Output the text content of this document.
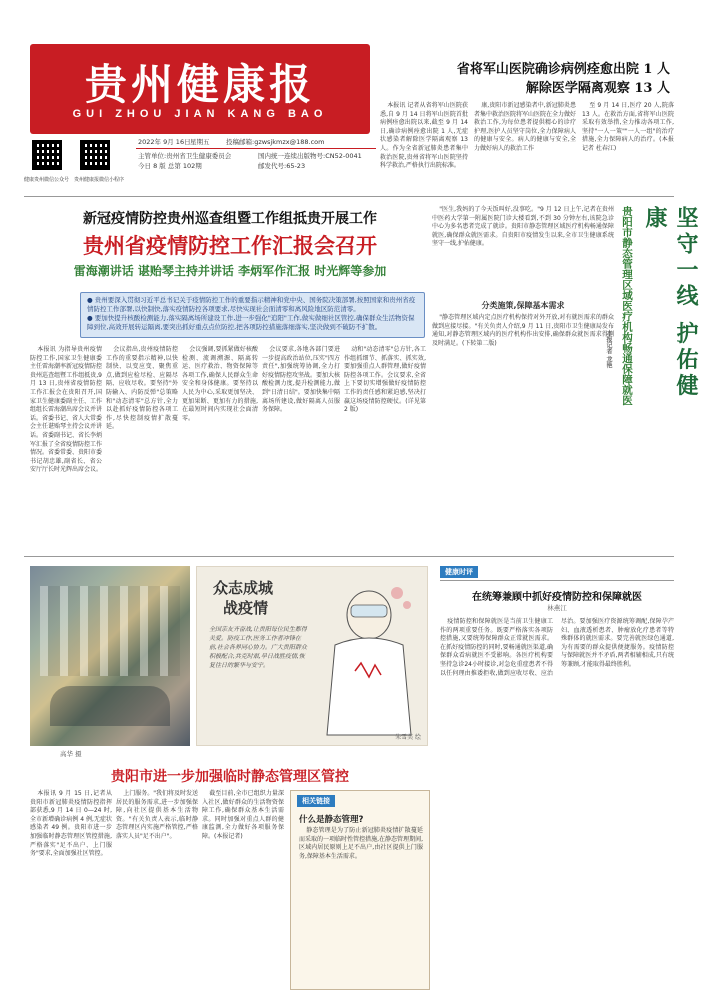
贵州健康报
GUI ZHOU JIAN KANG BAO
健康贵州微信公众号 贵州健康报微信小程序
2022年 9月 16日 星期五	投稿邮箱:gzwsjkmzx@188.com
主管单位:贵州省卫生健康委员会
今日 8 版 总第 102期
国内统一连续出版物号:CN52-0041
邮发代号:65-23
省将军山医院确诊病例痊愈出院 1 人
解除医学隔离观察 13 人

本报讯 记者从省将军山医院获悉,自 9 月 14 日将军山医院首批病例痊愈出院以来,截至 9 月 14 日,确诊病例痊愈出院 1 人,无症状感染者解除医学隔离观察 13 人。作为全省新冠肺炎患者集中救治医院,贵州省将军山医院坚持科学救治,严格执行出院标准。

康,贵阳市新冠感染者中,新冠肺炎患者集中救治医院将军山医院在全力做好救治工作,为每位患者提供精心的诊疗护理,医护人员坚守岗位,全力保障病人的健康与安全。病人的健康与安全,全力做好病人的救治工作

至 9 月 14 日,医疗 20 人,院落 13 人。在救治方面,省将军山医院采取有效举措,全力推动各项工作,坚持"一人一策""一人一组"的治疗措施,全力保障病人的治疗。(本报记者 杜春江)

新冠疫情防控贵州巡查组暨工作组抵贵开展工作
贵州省疫情防控工作汇报会召开
雷海潮讲话 谌贻琴主持并讲话 李炳军作汇报 时光辉等参加

● 贵州要深入贯彻习近平总书记关于疫情防控工作的重要指示精神和党中央、国务院决策部署,按照国家和贵州省疫情防控工作部署,以快制快,落实疫情防控各项要求,尽快实现社会面清零和离风险地区防范清零。

● 要加快提升核酸检测能力,落实隔离场所建设工作,进一步强化"追阳"工作,做实做细社区管控,确保群众生活物资保障到位,高效开展转运隔离,要突出抓好重点点位防控,把各项防控措施落细落实,坚决做到不破防不扩散。

本报讯 为指导贵州疫情防控工作,国家卫生健康委主任雷海潮率新冠疫情防控贵州巡查组暨工作组抵贵,9 月 13 日,贵州省疫情防控工作汇报会在贵阳召开,国家卫生健康委副主任、工作组组长雷海潮出席会议并讲话。省委书记、省人大常委会主任谌贻琴主持会议并讲话。省委副书记、省长李炳军汇报了全省疫情防控工作情况。省委常委、贵阳市委书记胡忠雄,副省长、省公安厅厅长时光辉出席会议。

会议指出,贵州疫情防控工作的重要指示精神,以快制快、以变应变、聚焦重点,做到应检尽检、应隔尽隔、应收尽收。要坚持"外防输入、内防反弹"总策略和"动态清零"总方针,全力以赴抓好疫情防控各项工作,尽快控制疫情扩散蔓延。

会议强调,要抓紧做好核酸检测、流调溯源、隔离转运、医疗救治、物资保障等各项工作,确保人民群众生命安全和身体健康。要坚持以人民为中心,采取更加坚决、更加果断、更加有力的措施,在最短时间内实现社会面清零。

会议要求,各地各部门要进一步提高政治站位,压实"四方责任",加强统筹协调,全力打好疫情防控攻坚战。要加大核酸检测力度,提升检测能力,做到"日清日结"。要加快集中隔离场所建设,做好隔离人员服务保障。

动和"动态清零"总方针,各工作组抓细节、抓落实、抓实效,要加强重点人群管理,做好疫情防控各项工作。会议要求,全省上下要切实增强做好疫情防控工作的责任感和紧迫感,坚决打赢这场疫情防控硬仗。(详见第 2 版)

"医生,我妈的了今天饭叫好,没事吃。"9 月 12 日上午,记者在贵州中医药大学第一附属医院门诊大楼看到,不到 30 分钟左右,该院急诊中心为多名患者完成了就诊。贵阳市静态管理区域医疗机构畅通保障就医,确保群众就医需求。自贵阳市疫情发生以来,全市卫生健康系统坚守一线,护佑健康。

分类施策,保障基本需求

"静态管理区域内定点医疗机构保持对外开放,对有就医需求的群众做到应接尽接。"有关负责人介绍,9 月 11 日,贵阳市卫生健康局发布通知,对静态管理区域内的医疗机构作出安排,确保群众就医需求得到及时满足。(下转第二版)	坚守一线 护佑健康
贵阳市静态管理区域医疗机构畅通保障就医
本报记者 龙艳
高华 摄
众志成城
战疫情
全国亲友齐奋战,让贵阳每位民生都得关爱。防疫工作,医务工作者冲锋在前,社会各界同心协力。广大贵阳群众积极配合,共克时艰,早日战胜疫情,恢复往日的繁华与安宁。
朱雪美 绘
贵阳市进一步加强临时静态管理区管控

本报讯 9 月 15 日,记者从贵阳市新冠肺炎疫情防控指挥部获悉,9 月 14 日 0—24 时,全市新增确诊病例 4 例,无症状感染者 49 例。贵阳市进一步加强临时静态管理区管控措施,严格落实"足不出户、上门服务"要求,全面加强社区管控。

上门服务。"我们将及时发送居民的服务需求,进一步加强保障,向社区提供基本生活物资。"有关负责人表示,临时静态管理区内实施严格管控,严格落实人员"足不出户"。

截至目前,全市已组织力量深入社区,做好群众的生活物资保障工作,确保群众基本生活需求。同时加强对重点人群的健康监测,全力做好各项服务保障。(本报记者)

相关链接
什么是静态管理?

静态管理是为了防止新冠肺炎疫情扩散蔓延而采取的一项临时性管控措施,在静态管理期间,区域内居民原则上足不出户,由社区提供上门服务,保障基本生活需求。

健康时评
在统筹兼顾中抓好疫情防控和保障就医
林燕江

疫情防控和保障就医是当前卫生健康工作的两项重要任务。既要严格落实各项防控措施,又要统筹保障群众正常就医需求。在抓好疫情防控的同时,要畅通就医渠道,确保群众看病就医不受影响。各医疗机构要坚持急诊24小时接诊,对急危重症患者不得以任何理由推诿拒收,做到应收尽收、应治尽治。要加强医疗资源统筹调配,保障孕产妇、血液透析患者、肿瘤放化疗患者等特殊群体的就医需求。要完善就医绿色通道,为有需要的群众提供便捷服务。疫情防控与保障就医并不矛盾,两者相辅相成,只有统筹兼顾,才能取得最终胜利。
